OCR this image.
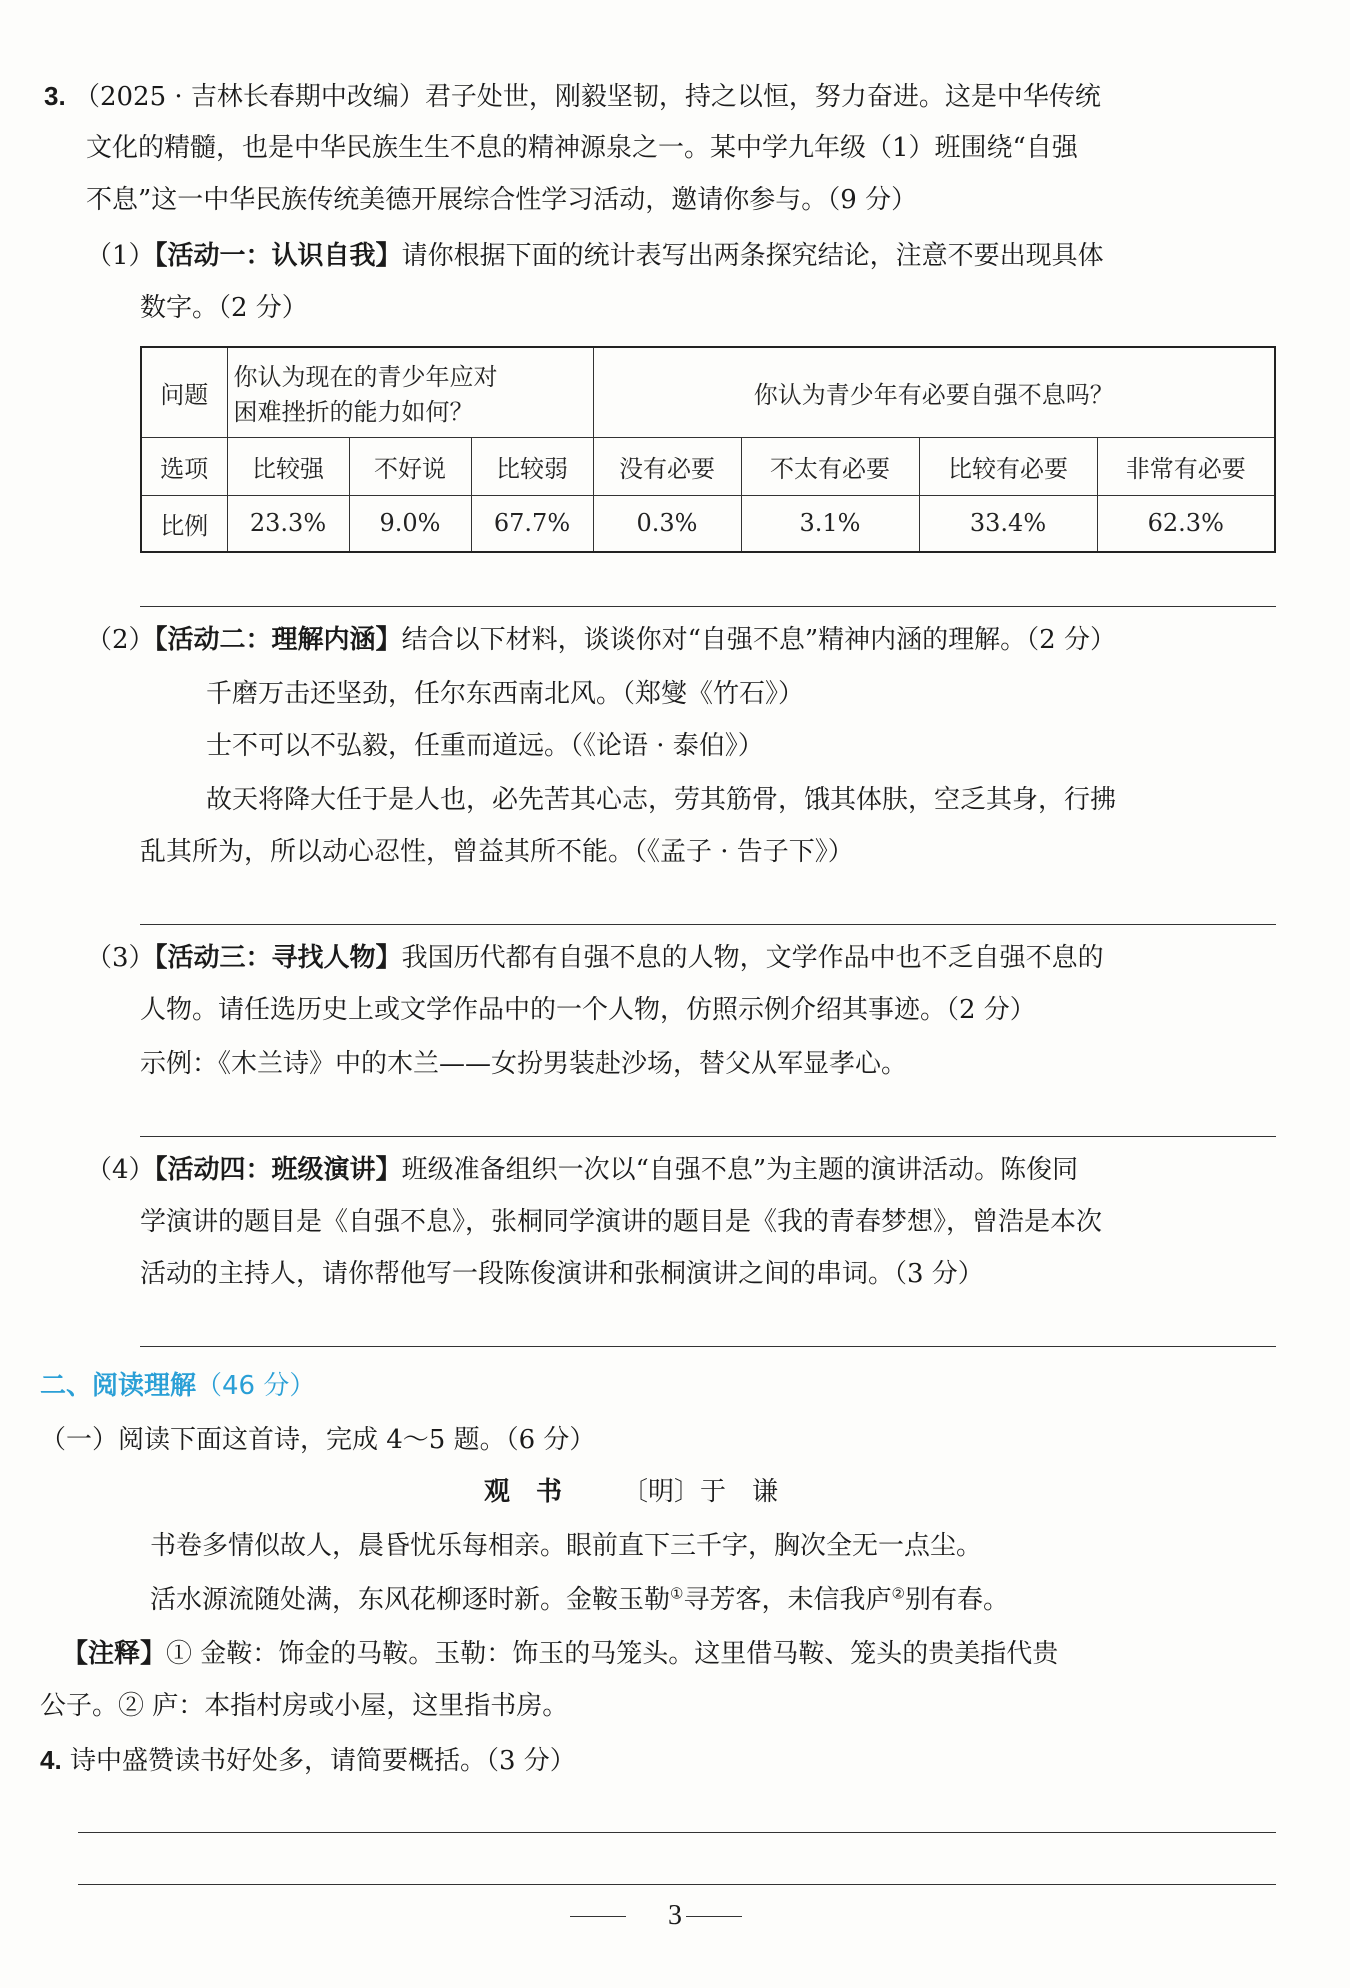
3. （2025 · 吉林长春期中改编）君子处世，刚毅坚韧，持之以恒，努力奋进。这是中华传统
文化的精髓，也是中华民族生生不息的精神源泉之一。某中学九年级（1）班围绕“自强
不息”这一中华民族传统美德开展综合性学习活动，邀请你参与。（9 分）
（1）【活动一：认识自我】请你根据下面的统计表写出两条探究结论，注意不要出现具体
数字。（2 分）
问题	你认为现在的青少年应对
困难挫折的能力如何？			你认为青少年有必要自强不息吗？			
选项	比较强	不好说	比较弱	没有必要	不太有必要	比较有必要	非常有必要
比例	23.3%	9.0%	67.7%	0.3%	3.1%	33.4%	62.3%
（2）【活动二：理解内涵】结合以下材料，谈谈你对“自强不息”精神内涵的理解。（2 分）
千磨万击还坚劲，任尔东西南北风。（郑燮《竹石》）
士不可以不弘毅，任重而道远。（《论语 · 泰伯》）
故天将降大任于是人也，必先苦其心志，劳其筋骨，饿其体肤，空乏其身，行拂
乱其所为，所以动心忍性，曾益其所不能。（《孟子 · 告子下》）
（3）【活动三：寻找人物】我国历代都有自强不息的人物，文学作品中也不乏自强不息的
人物。请任选历史上或文学作品中的一个人物，仿照示例介绍其事迹。（2 分）
示例：《木兰诗》中的木兰——女扮男装赴沙场，替父从军显孝心。
（4）【活动四：班级演讲】班级准备组织一次以“自强不息”为主题的演讲活动。陈俊同
学演讲的题目是《自强不息》，张桐同学演讲的题目是《我的青春梦想》，曾浩是本次
活动的主持人，请你帮他写一段陈俊演讲和张桐演讲之间的串词。（3 分）
二、阅读理解（46 分）
（一）阅读下面这首诗，完成 4～5 题。（6 分）
观　书 〔明〕于　谦
书卷多情似故人，晨昏忧乐每相亲。眼前直下三千字，胸次全无一点尘。
活水源流随处满，东风花柳逐时新。金鞍玉勒①寻芳客，未信我庐②别有春。
【注释】① 金鞍：饰金的马鞍。玉勒：饰玉的马笼头。这里借马鞍、笼头的贵美指代贵
公子。② 庐：本指村房或小屋，这里指书房。
4. 诗中盛赞读书好处多，请简要概括。（3 分）
3
